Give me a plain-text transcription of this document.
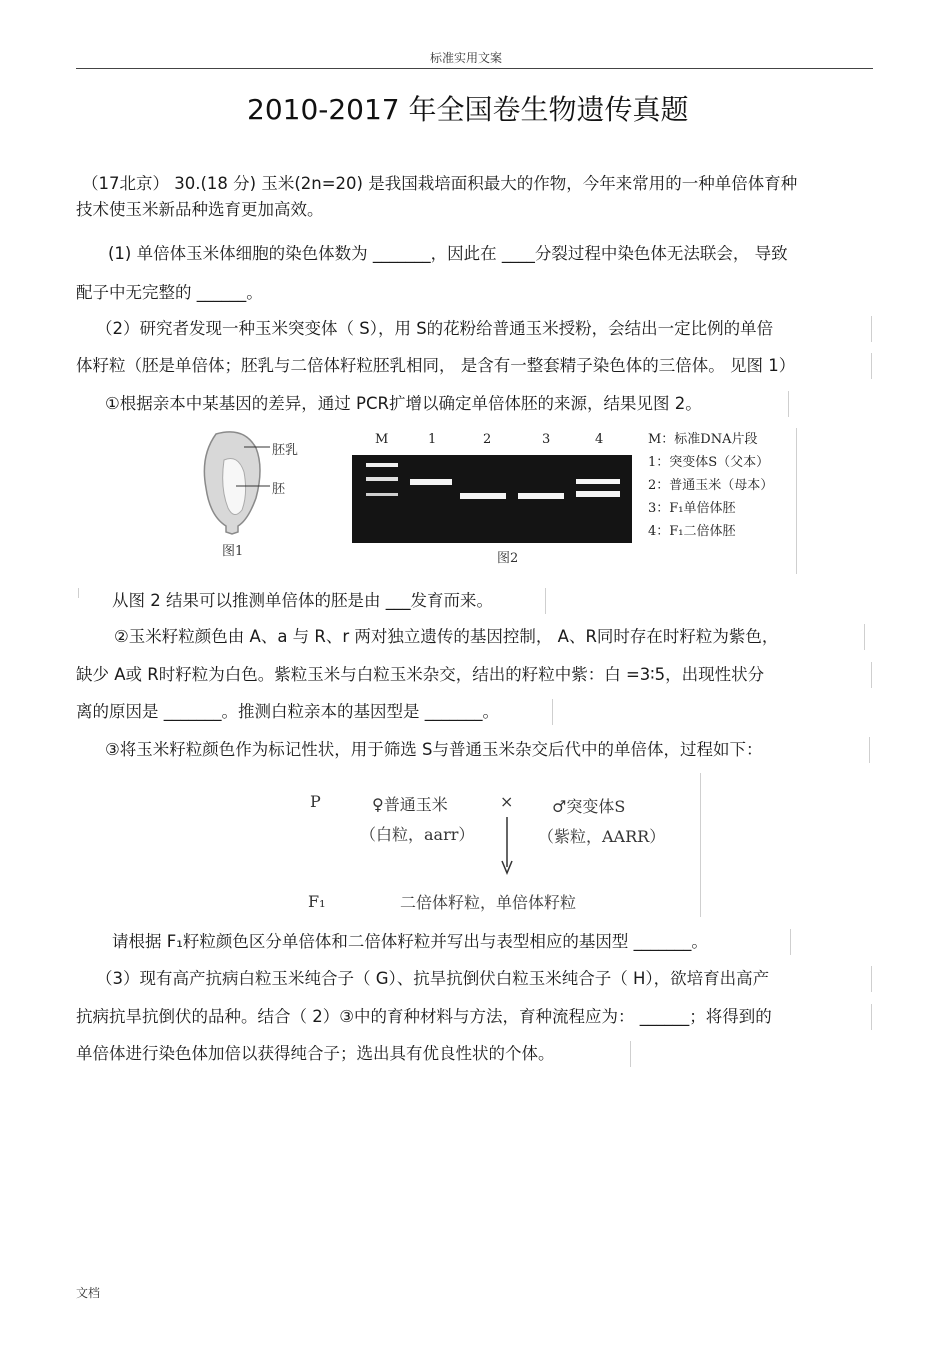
标准实用文案
2010-2017 年全国卷生物遗传真题
（17北京） 30.(18 分) 玉米(2n=20) 是我国栽培面积最大的作物，今年来常用的一种单倍体育种
技术使玉米新品种选育更加高效。
(1) 单倍体玉米体细胞的染色体数为 _______，因此在 ____分裂过程中染色体无法联会， 导致
配子中无完整的 ______。
（2）研究者发现一种玉米突变体（ S），用 S的花粉给普通玉米授粉，会结出一定比例的单倍
体籽粒（胚是单倍体；胚乳与二倍体籽粒胚乳相同， 是含有一整套精子染色体的三倍体。 见图 1）
①根据亲本中某基因的差异，通过 PCR扩增以确定单倍体胚的来源，结果见图 2。
胚乳
胚
图1
M	1	2	3	4
图2
M：标准DNA片段
1：突变体S（父本）
2：普通玉米（母本）
3：F₁单倍体胚
4：F₁二倍体胚
从图 2 结果可以推测单倍体的胚是由 ___发育而来。
②玉米籽粒颜色由 A、a 与 R、r 两对独立遗传的基因控制， A、R同时存在时籽粒为紫色，
缺少 A或 R时籽粒为白色。紫粒玉米与白粒玉米杂交，结出的籽粒中紫：白 =3∶5，出现性状分
离的原因是 _______。推测白粒亲本的基因型是 _______。
③将玉米籽粒颜色作为标记性状，用于筛选 S与普通玉米杂交后代中的单倍体，过程如下：
P	♀普通玉米
（白粒，aarr）
× ♂突变体S
（紫粒，AARR）
F₁	二倍体籽粒，单倍体籽粒
请根据 F₁籽粒颜色区分单倍体和二倍体籽粒并写出与表型相应的基因型 _______。
（3）现有高产抗病白粒玉米纯合子（ G）、抗旱抗倒伏白粒玉米纯合子（ H），欲培育出高产
抗病抗旱抗倒伏的品种。结合（ 2）③中的育种材料与方法，育种流程应为： ______；将得到的
单倍体进行染色体加倍以获得纯合子；选出具有优良性状的个体。
文档
